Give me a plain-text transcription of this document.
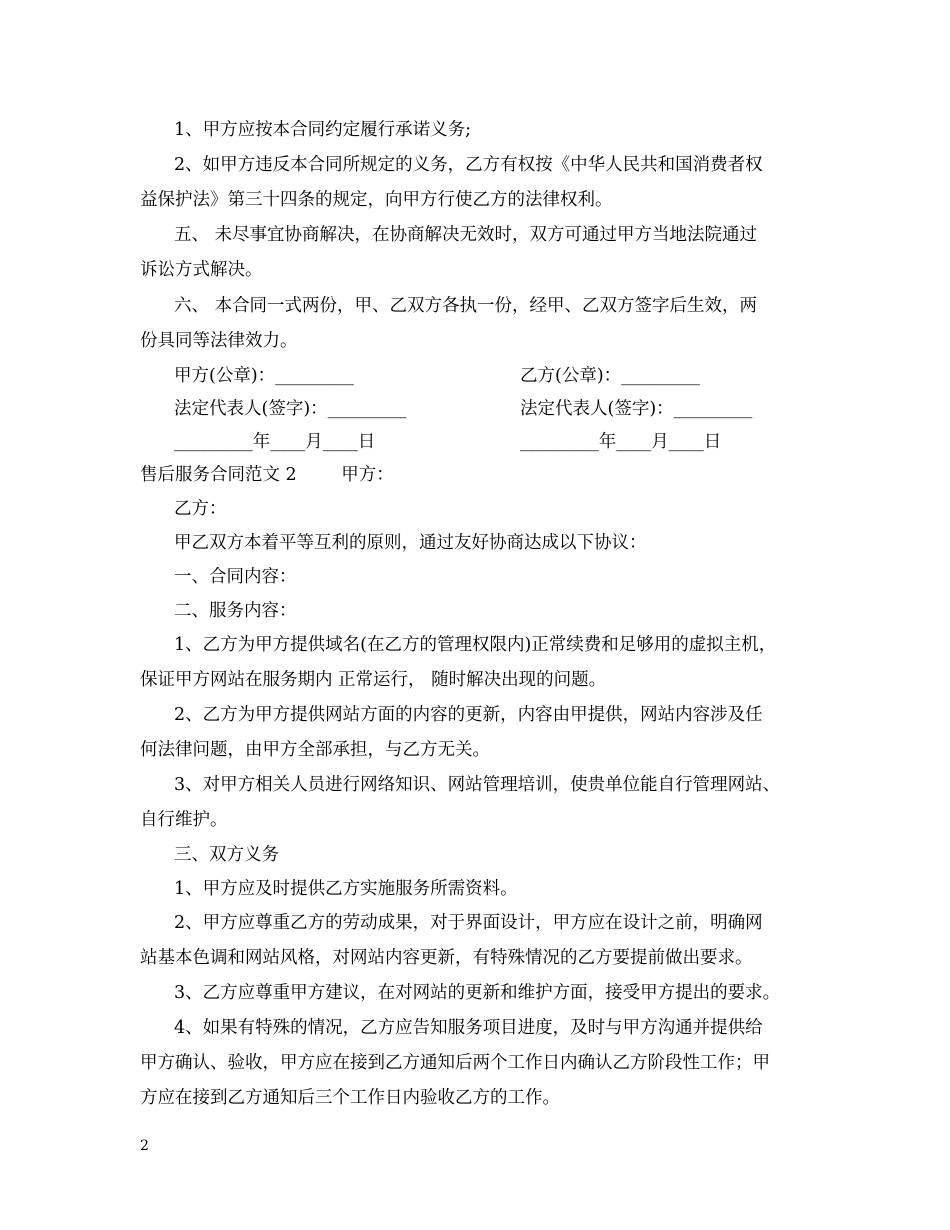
1、甲方应按本合同约定履行承诺义务;
2、如甲方违反本合同所规定的义务，乙方有权按《中华人民共和国消费者权
益保护法》第三十四条的规定，向甲方行使乙方的法律权利。
五、 未尽事宜协商解决，在协商解决无效时，双方可通过甲方当地法院通过
诉讼方式解决。
六、 本合同一式两份，甲、乙双方各执一份，经甲、乙双方签字后生效，两
份具同等法律效力。
甲方(公章)：_________	乙方(公章)：_________
法定代表人(签字)：_________	法定代表人(签字)：_________
_________年____月____日	_________年____月____日
售后服务合同范文 2        甲方：
乙方：
甲乙双方本着平等互利的原则，通过友好协商达成以下协议：
一、合同内容：
二、服务内容：
1、乙方为甲方提供域名(在乙方的管理权限内)正常续费和足够用的虚拟主机，
保证甲方网站在服务期内 正常运行， 随时解决出现的问题。
2、乙方为甲方提供网站方面的内容的更新，内容由甲提供，网站内容涉及任
何法律问题，由甲方全部承担，与乙方无关。
3、对甲方相关人员进行网络知识、网站管理培训，使贵单位能自行管理网站、
自行维护。
三、双方义务
1、甲方应及时提供乙方实施服务所需资料。
2、甲方应尊重乙方的劳动成果，对于界面设计，甲方应在设计之前，明确网
站基本色调和网站风格，对网站内容更新，有特殊情况的乙方要提前做出要求。
3、乙方应尊重甲方建议，在对网站的更新和维护方面，接受甲方提出的要求。
4、如果有特殊的情况，乙方应告知服务项目进度，及时与甲方沟通并提供给
甲方确认、验收，甲方应在接到乙方通知后两个工作日内确认乙方阶段性工作；甲
方应在接到乙方通知后三个工作日内验收乙方的工作。
2
